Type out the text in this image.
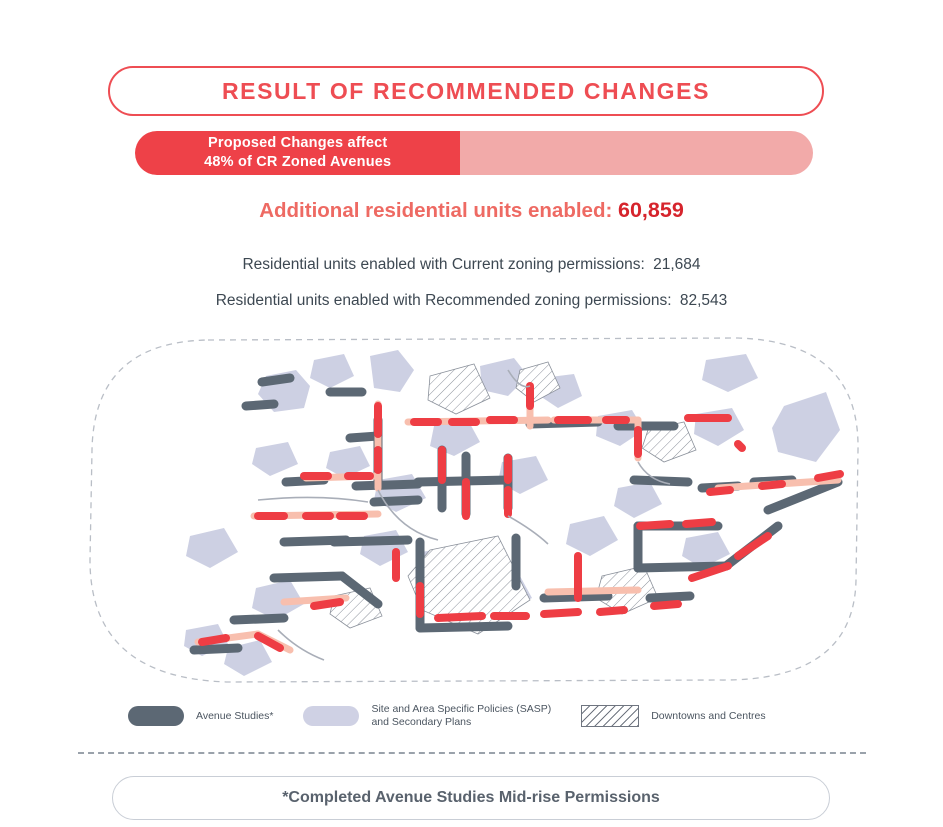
RESULT OF RECOMMENDED CHANGES
Proposed Changes affect
48% of CR Zoned Avenues
Additional residential units enabled: 60,859
Residential units enabled with Current zoning permissions: 21,684
Residential units enabled with Recommended zoning permissions: 82,543
Avenue Studies*
Site and Area Specific Policies (SASP)
and Secondary Plans
Downtowns and Centres
*Completed Avenue Studies Mid-rise Permissions
